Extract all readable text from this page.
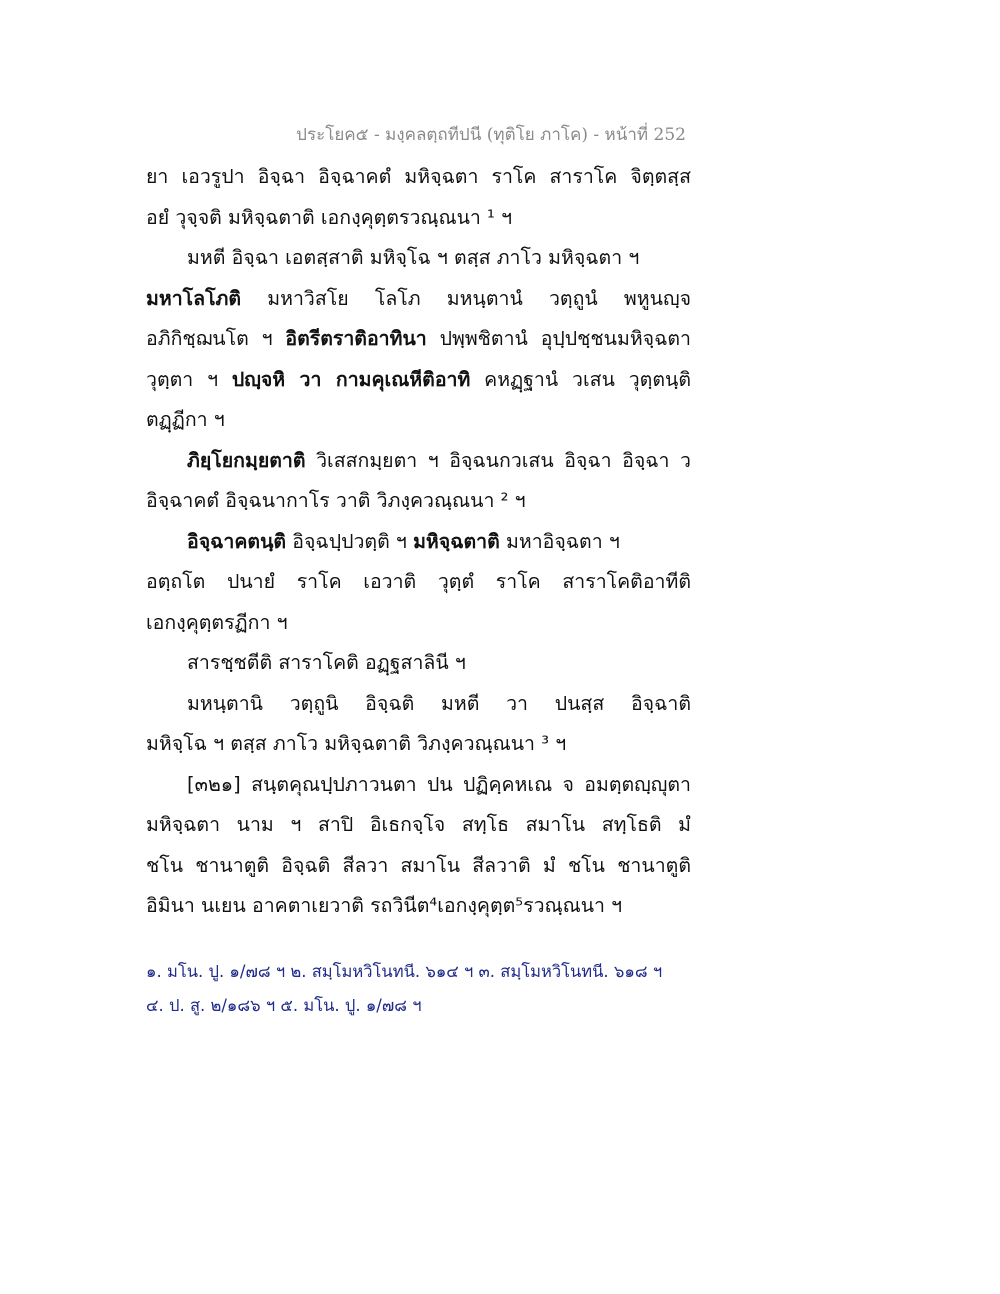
ประโยค๕ - มงฺคลตฺถทีปนี (ทุติโย ภาโค) - หน้าที่ 252
ยา เอวรูปา อิจฺฉา อิจฺฉาคตํ มหิจฺฉตา ราโค สาราโค จิตฺตสฺส
อยํ วุจฺจติ มหิจฺฉตาติ เอกงฺคุตฺตรวณฺณนา ¹ ฯ
มหตี อิจฺฉา เอตสฺสาติ มหิจฺโฉ ฯ ตสฺส ภาโว มหิจฺฉตา ฯ
มหาโลโภติ มหาวิสโย โลโภ มหนฺตานํ วตฺถูนํ พหูนญฺจ
อภิกิชฺฌนโต ฯ อิตรีตราติอาทินา ปพฺพชิตานํ อุปฺปชฺชนมหิจฺฉตา
วุตฺตา ฯ ปญฺจหิ วา กามคุเณหีติอาทิ คหฏฺฐานํ วเสน วุตฺตนฺติ
ตฏฺฏีกา ฯ
ภิยฺโยกมฺยตาติ วิเสสกมฺยตา ฯ อิจฺฉนกวเสน อิจฺฉา อิจฺฉา ว
อิจฺฉาคตํ อิจฺฉนากาโร วาติ วิภงฺควณฺณนา ² ฯ
อิจฺฉาคตนฺติ อิจฺฉปฺปวตฺติ ฯ มหิจฺฉตาติ มหาอิจฺฉตา ฯ
อตฺถโต ปนายํ ราโค เอวาติ วุตฺตํ ราโค สาราโคติอาทีติ
เอกงฺคุตฺตรฏีกา ฯ
สารชฺชตีติ สาราโคติ อฏฺฐสาลินี ฯ
มหนฺตานิ วตฺถูนิ อิจฺฉติ มหตี วา ปนสฺส อิจฺฉาติ
มหิจฺโฉ ฯ ตสฺส ภาโว มหิจฺฉตาติ วิภงฺควณฺณนา ³ ฯ
[๓๒๑] สนฺตคุณปฺปภาวนตา ปน ปฏิคฺคหเณ จ อมตฺตญฺญุตา
มหิจฺฉตา นาม ฯ สาปิ อิเธกจฺโจ สทฺโธ สมาโน สทฺโธติ มํ
ชโน ชานาตูติ อิจฺฉติ สีลวา สมาโน สีลวาติ มํ ชโน ชานาตูติ
อิมินา นเยน อาคตาเยวาติ รถวินีต⁴เอกงฺคุตฺต⁵รวณฺณนา ฯ
๑. มโน. ปู. ๑/๗๘ ฯ ๒. สมฺโมหวิโนทนี. ๖๑๔ ฯ ๓. สมฺโมหวิโนทนี. ๖๑๘ ฯ
๔. ป. สู. ๒/๑๘๖ ฯ ๕. มโน. ปู. ๑/๗๘ ฯ
